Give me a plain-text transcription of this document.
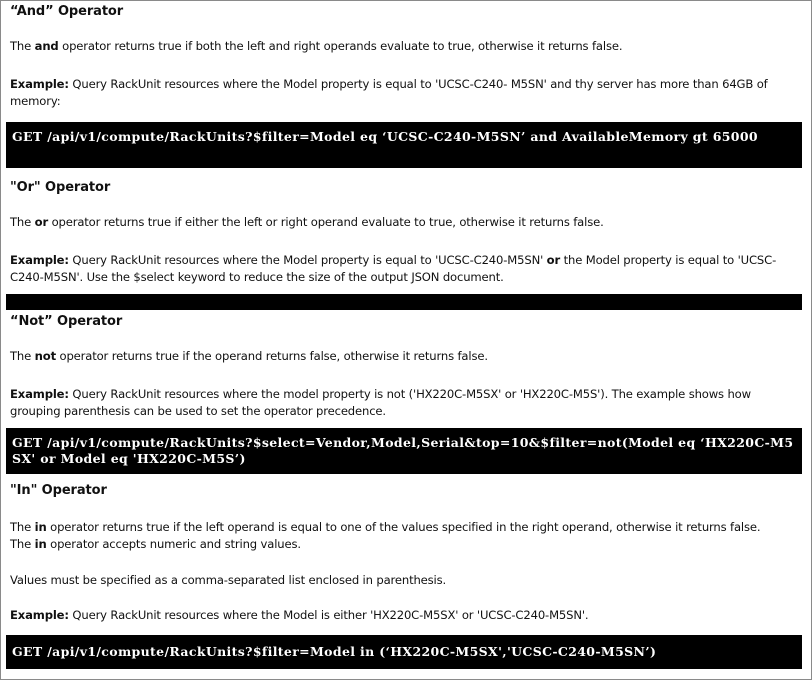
“And” Operator
The and operator returns true if both the left and right operands evaluate to true, otherwise it returns false.
Example: Query RackUnit resources where the Model property is equal to 'UCSC-C240- M5SN' and thy server has more than 64GB of memory:
GET /api/v1/compute/RackUnits?$filter=Model eq ‘UCSC-C240-M5SN’ and AvailableMemory gt 65000
"Or" Operator
The or operator returns true if either the left or right operand evaluate to true, otherwise it returns false.
Example: Query RackUnit resources where the Model property is equal to 'UCSC-C240-M5SN' or the Model property is equal to 'UCSC-C240-M5SN'. Use the $select keyword to reduce the size of the output JSON document.
“Not” Operator
The not operator returns true if the operand returns false, otherwise it returns false.
Example: Query RackUnit resources where the model property is not ('HX220C-M5SX' or 'HX220C-M5S'). The example shows how grouping parenthesis can be used to set the operator precedence.
GET /api/v1/compute/RackUnits?$select=Vendor,Model,Serial&top=10&$filter=not(Model eq ‘HX220C-M5SX' or Model eq 'HX220C-M5S’)
"In" Operator
The in operator returns true if the left operand is equal to one of the values specified in the right operand, otherwise it returns false.
The in operator accepts numeric and string values.
Values must be specified as a comma-separated list enclosed in parenthesis.
Example: Query RackUnit resources where the Model is either 'HX220C-M5SX' or 'UCSC-C240-M5SN'.
GET /api/v1/compute/RackUnits?$filter=Model in (‘HX220C-M5SX','UCSC-C240-M5SN’)
